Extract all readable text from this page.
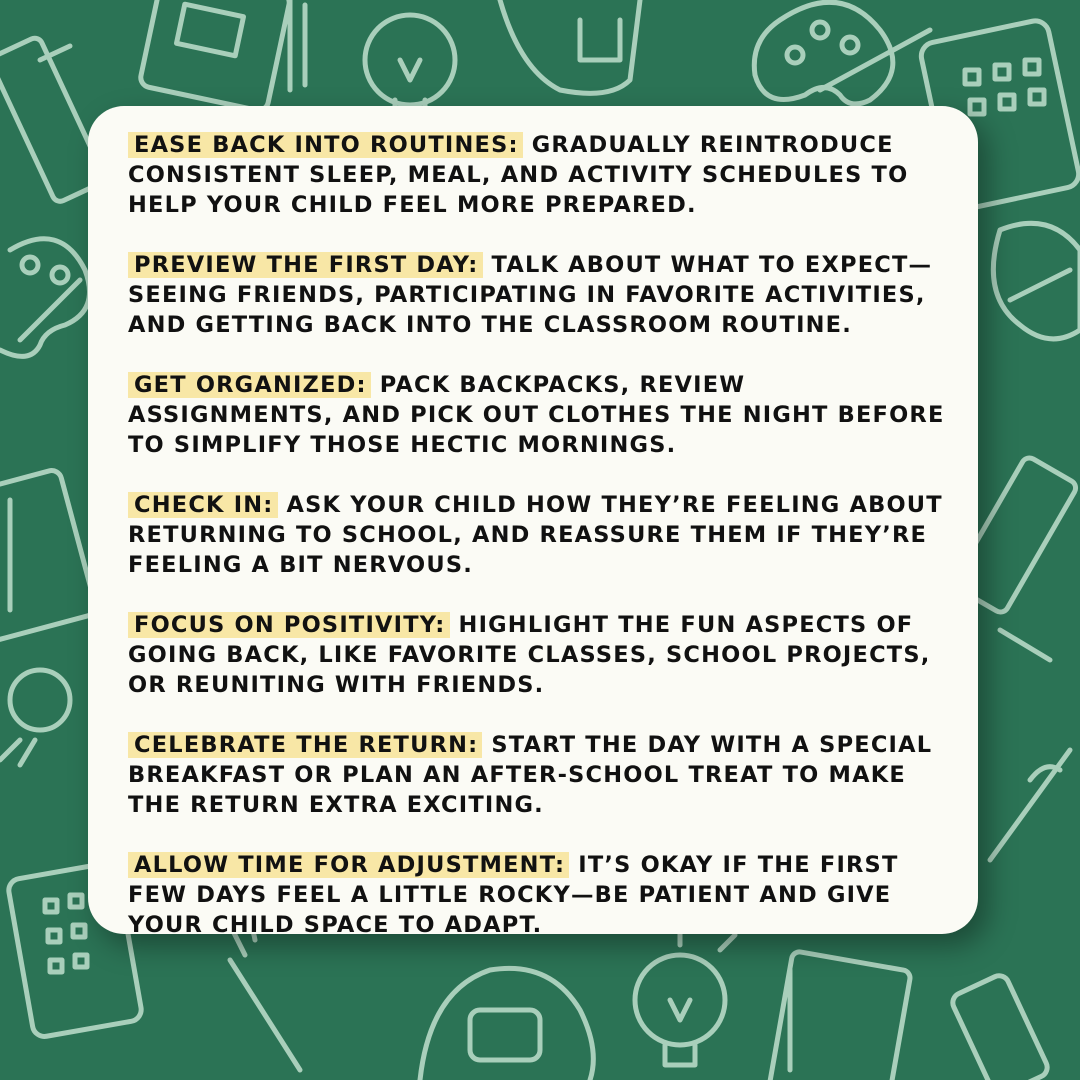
EASE BACK INTO ROUTINES: GRADUALLY REINTRODUCE CONSISTENT SLEEP, MEAL, AND ACTIVITY SCHEDULES TO HELP YOUR CHILD FEEL MORE PREPARED.

PREVIEW THE FIRST DAY: TALK ABOUT WHAT TO EXPECT—SEEING FRIENDS, PARTICIPATING IN FAVORITE ACTIVITIES, AND GETTING BACK INTO THE CLASSROOM ROUTINE.

GET ORGANIZED: PACK BACKPACKS, REVIEW ASSIGNMENTS, AND PICK OUT CLOTHES THE NIGHT BEFORE TO SIMPLIFY THOSE HECTIC MORNINGS.

CHECK IN: ASK YOUR CHILD HOW THEY’RE FEELING ABOUT RETURNING TO SCHOOL, AND REASSURE THEM IF THEY’RE FEELING A BIT NERVOUS.

FOCUS ON POSITIVITY: HIGHLIGHT THE FUN ASPECTS OF GOING BACK, LIKE FAVORITE CLASSES, SCHOOL PROJECTS, OR REUNITING WITH FRIENDS.

CELEBRATE THE RETURN: START THE DAY WITH A SPECIAL BREAKFAST OR PLAN AN AFTER-SCHOOL TREAT TO MAKE THE RETURN EXTRA EXCITING.

ALLOW TIME FOR ADJUSTMENT: IT’S OKAY IF THE FIRST FEW DAYS FEEL A LITTLE ROCKY—BE PATIENT AND GIVE YOUR CHILD SPACE TO ADAPT.
